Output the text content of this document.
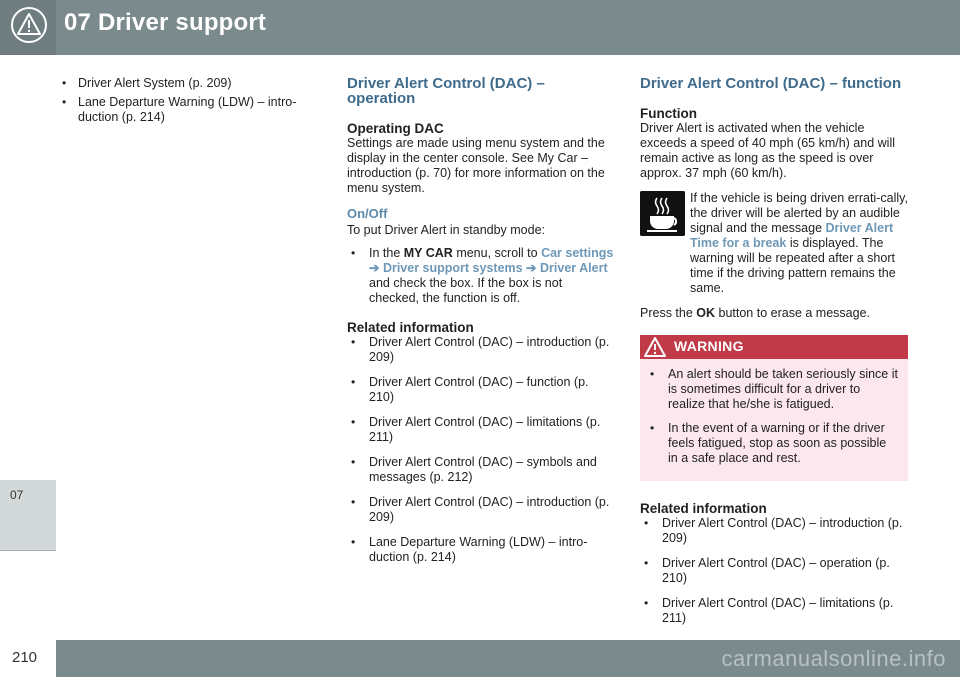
07 Driver support
07
• Driver Alert System (p. 209)
• Lane Departure Warning (LDW) – intro-duction (p. 214)
Driver Alert Control (DAC) – operation
Operating DAC

Settings are made using menu system and the display in the center console. See My Car – introduction (p. 70) for more information on the menu system.

On/Off

To put Driver Alert in standby mode:

• In the MY CAR menu, scroll to Car settings ➔ Driver support systems ➔ Driver Alert and check the box. If the box is not checked, the function is off.
Related information
• Driver Alert Control (DAC) – introduction (p. 209)
• Driver Alert Control (DAC) – function (p. 210)
• Driver Alert Control (DAC) – limitations (p. 211)
• Driver Alert Control (DAC) – symbols and messages (p. 212)
• Driver Alert Control (DAC) – introduction (p. 209)
• Lane Departure Warning (LDW) – intro-duction (p. 214)
Driver Alert Control (DAC) – function
Function

Driver Alert is activated when the vehicle exceeds a speed of 40 mph (65 km/h) and will remain active as long as the speed is over approx. 37 mph (60 km/h).

If the vehicle is being driven errati-cally, the driver will be alerted by an audible signal and the message Driver Alert Time for a break is displayed. The warning will be repeated after a short time if the driving pattern remains the same.

Press the OK button to erase a message.

WARNING
• An alert should be taken seriously since it is sometimes difficult for a driver to realize that he/she is fatigued.
• In the event of a warning or if the driver feels fatigued, stop as soon as possible in a safe place and rest.
Related information
• Driver Alert Control (DAC) – introduction (p. 209)
• Driver Alert Control (DAC) – operation (p. 210)
• Driver Alert Control (DAC) – limitations (p. 211)
210	carmanualsonline.info
